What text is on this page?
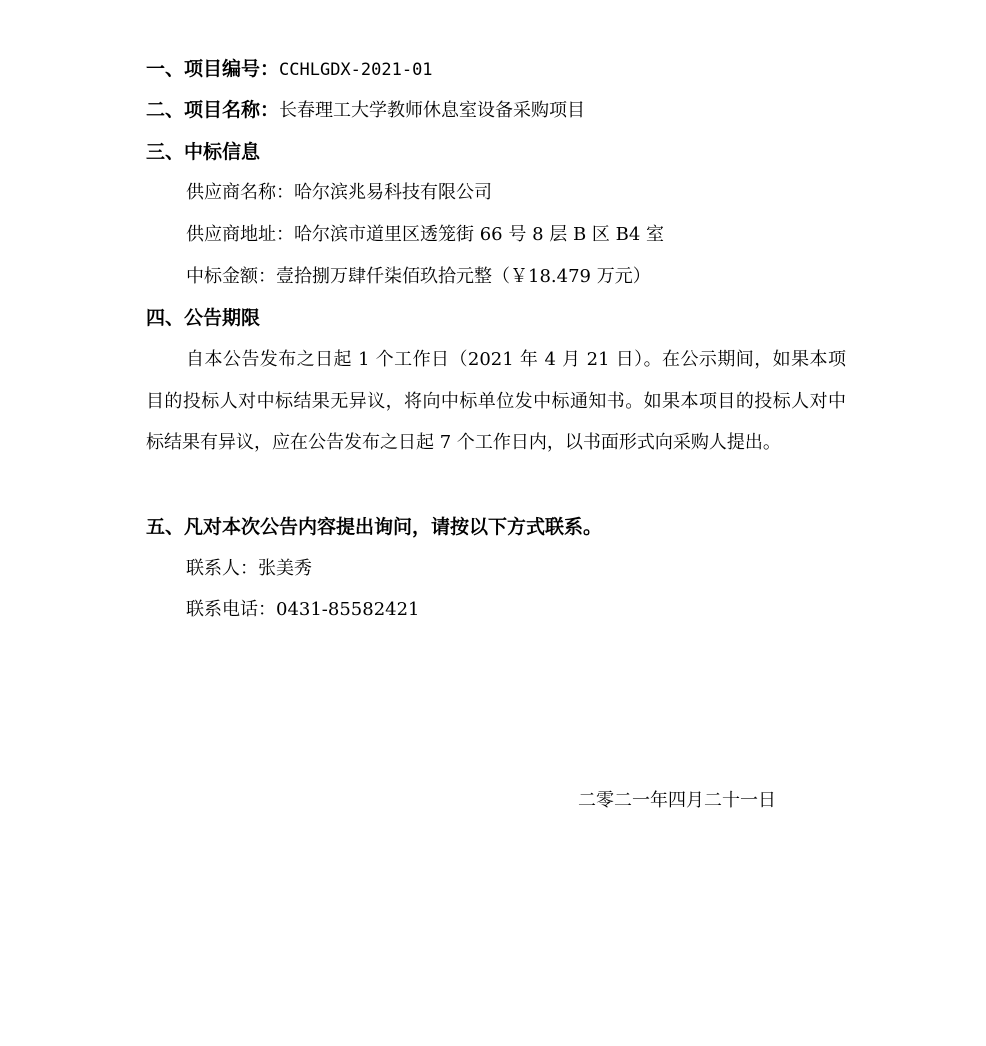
一、项目编号：CCHLGDX-2021-01
二、项目名称：长春理工大学教师休息室设备采购项目
三、中标信息
供应商名称：哈尔滨兆易科技有限公司
供应商地址：哈尔滨市道里区透笼街 66 号 8 层 B 区 B4 室
中标金额：壹拾捌万肆仟柒佰玖拾元整（￥18.479 万元）
四、公告期限
自本公告发布之日起 1 个工作日（2021 年 4 月 21 日）。在公示期间，如果本项目的投标人对中标结果无异议，将向中标单位发中标通知书。如果本项目的投标人对中标结果有异议，应在公告发布之日起 7 个工作日内，以书面形式向采购人提出。
五、凡对本次公告内容提出询问，请按以下方式联系。
联系人：张美秀
联系电话：0431-85582421
二零二一年四月二十一日
